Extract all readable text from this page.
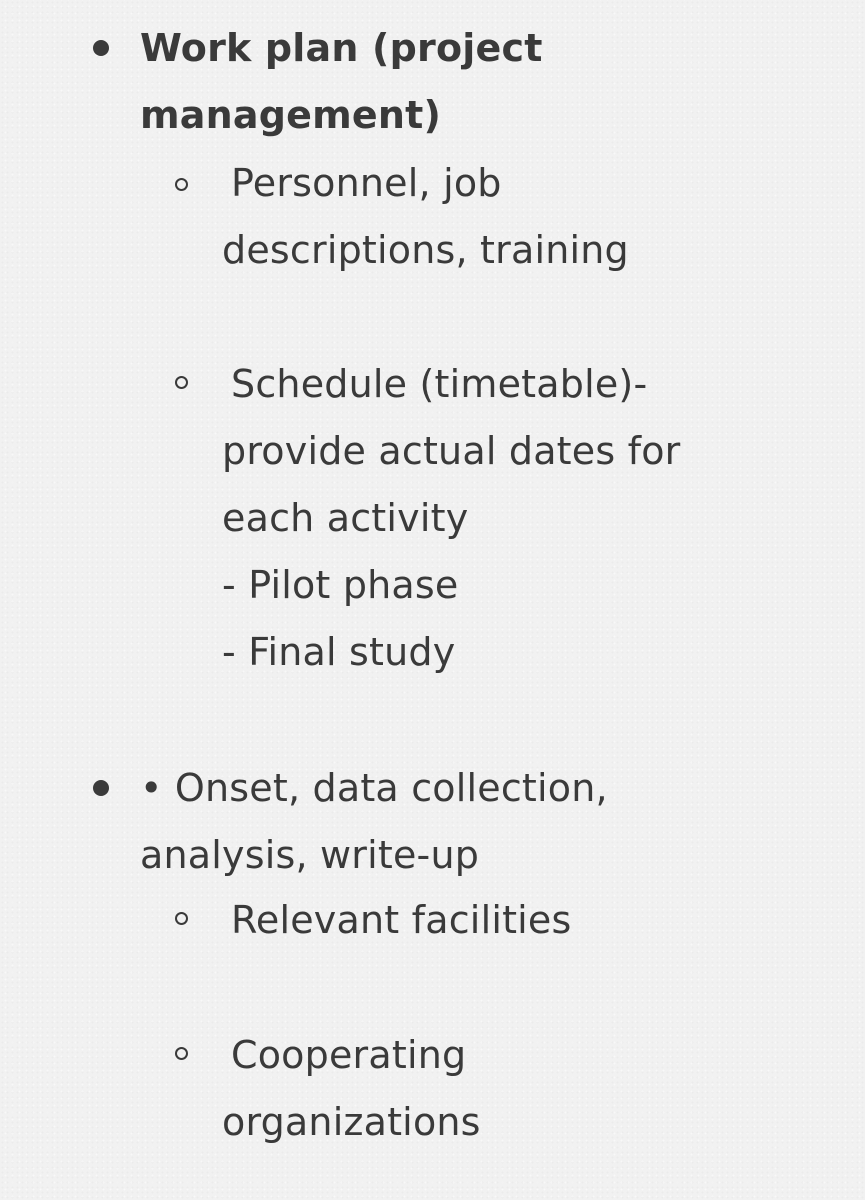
Work plan (project

management)

Personnel, job

descriptions, training

Schedule (timetable)-

provide actual dates for

each activity

- Pilot phase

- Final study

• Onset, data collection,

analysis, write-up

Relevant facilities

Cooperating

organizations
